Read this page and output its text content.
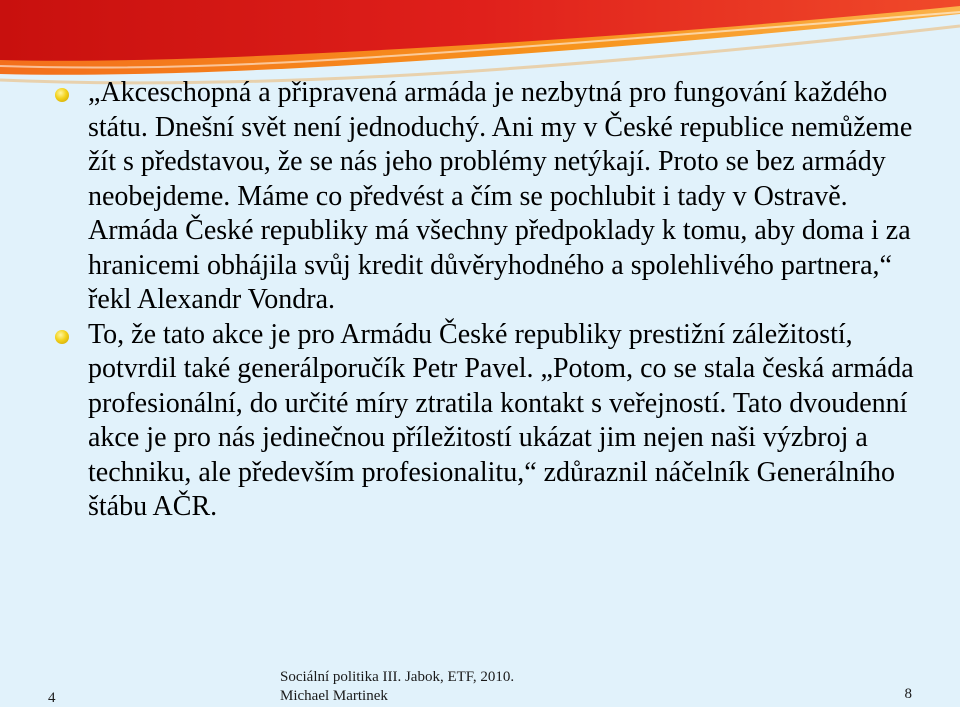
„Akceschopná a připravená armáda je nezbytná pro fungování každého státu. Dnešní svět není jednoduchý. Ani my v České republice nemůžeme žít s představou, že se nás jeho problémy netýkají. Proto se bez armády neobejdeme. Máme co předvést a čím se pochlubit i tady v Ostravě. Armáda České republiky má všechny předpoklady k tomu, aby doma i za hranicemi obhájila svůj kredit důvěryhodného a spolehlivého partnera,“ řekl Alexandr Vondra.

To, že tato akce je pro Armádu České republiky prestižní záležitostí, potvrdil také generálporučík Petr Pavel. „Potom, co se stala česká armáda profesionální, do určité míry ztratila kontakt s veřejností. Tato dvoudenní akce je pro nás jedinečnou příležitostí ukázat jim nejen naši výzbroj a techniku, ale především profesionalitu,“ zdůraznil náčelník Generálního štábu AČR.

4
Sociální politika III. Jabok, ETF, 2010.
Michael Martinek	8
